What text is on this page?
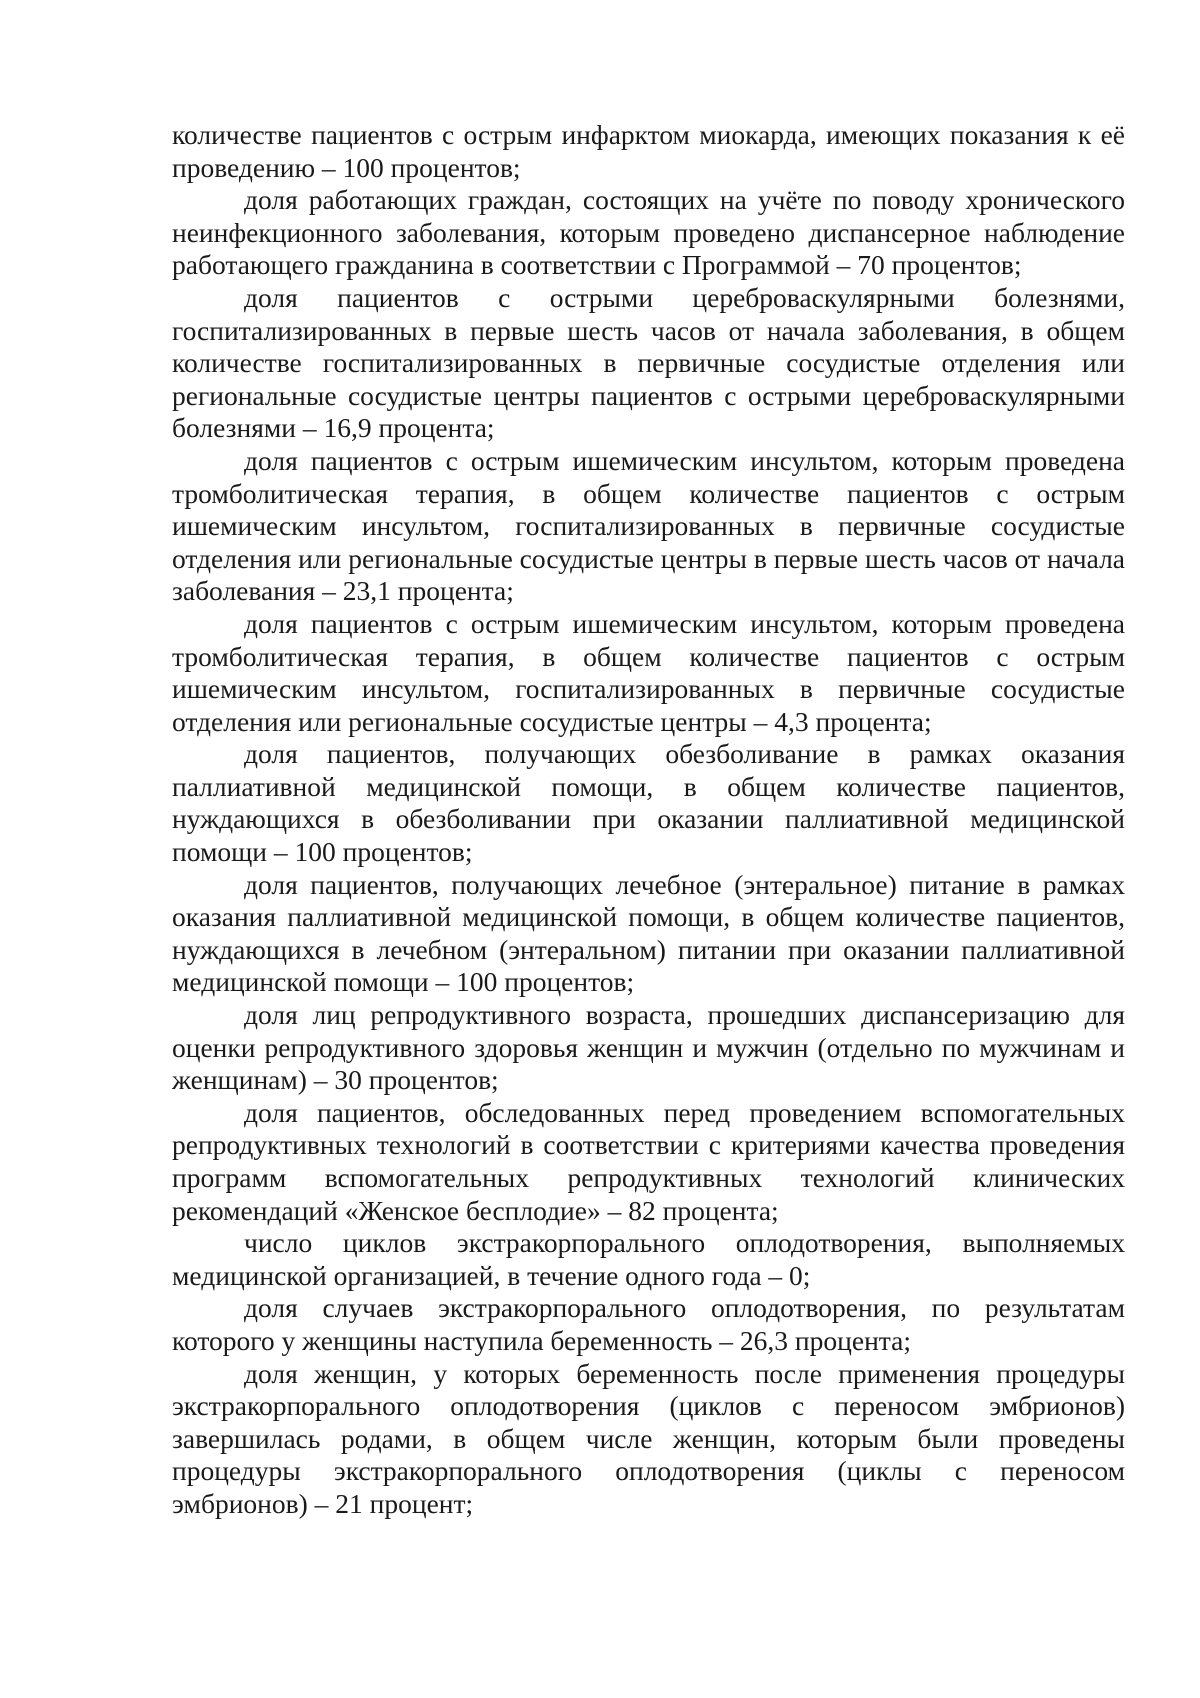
количестве пациентов с острым инфарктом миокарда, имеющих показания к её проведению – 100 процентов;

доля работающих граждан, состоящих на учёте по поводу хронического неинфекционного заболевания, которым проведено диспансерное наблюдение работающего гражданина в соответствии с Программой – 70 процентов;

доля пациентов с острыми цереброваскулярными болезнями, госпитализированных в первые шесть часов от начала заболевания, в общем количестве госпитализированных в первичные сосудистые отделения или региональные сосудистые центры пациентов с острыми цереброваскулярными болезнями – 16,9 процента;

доля пациентов с острым ишемическим инсультом, которым проведена тромболитическая терапия, в общем количестве пациентов с острым ишемическим инсультом, госпитализированных в первичные сосудистые отделения или региональные сосудистые центры в первые шесть часов от начала заболевания – 23,1 процента;

доля пациентов с острым ишемическим инсультом, которым проведена тромболитическая терапия, в общем количестве пациентов с острым ишемическим инсультом, госпитализированных в первичные сосудистые отделения или региональные сосудистые центры – 4,3 процента;

доля пациентов, получающих обезболивание в рамках оказания паллиативной медицинской помощи, в общем количестве пациентов, нуждающихся в обезболивании при оказании паллиативной медицинской помощи – 100 процентов;

доля пациентов, получающих лечебное (энтеральное) питание в рамках оказания паллиативной медицинской помощи, в общем количестве пациентов, нуждающихся в лечебном (энтеральном) питании при оказании паллиативной медицинской помощи – 100 процентов;

доля лиц репродуктивного возраста, прошедших диспансеризацию для оценки репродуктивного здоровья женщин и мужчин (отдельно по мужчинам и женщинам) – 30 процентов;

доля пациентов, обследованных перед проведением вспомогательных репродуктивных технологий в соответствии с критериями качества проведения программ вспомогательных репродуктивных технологий клинических рекомендаций «Женское бесплодие» – 82 процента;

число циклов экстракорпорального оплодотворения, выполняемых медицинской организацией, в течение одного года – 0;

доля случаев экстракорпорального оплодотворения, по результатам которого у женщины наступила беременность – 26,3 процента;

доля женщин, у которых беременность после применения процедуры экстракорпорального оплодотворения (циклов с переносом эмбрионов) завершилась родами, в общем числе женщин, которым были проведены процедуры экстракорпорального оплодотворения (циклы с переносом эмбрионов) – 21 процент;
